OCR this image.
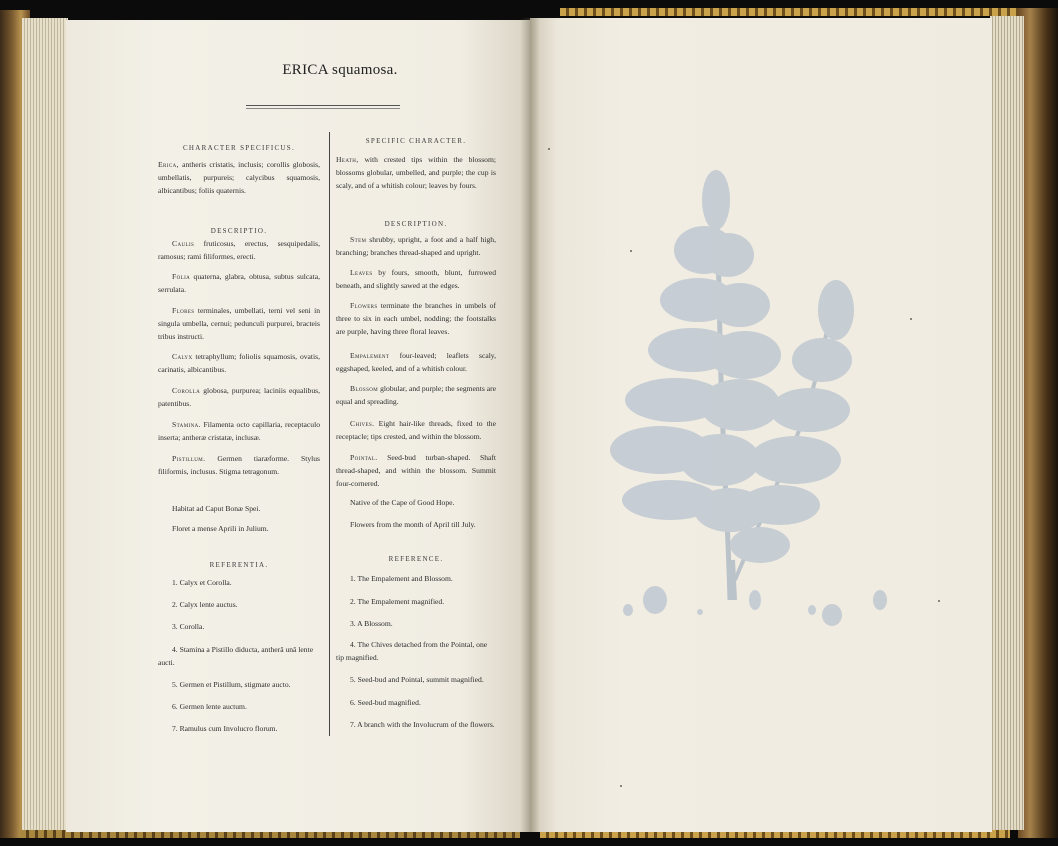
ERICA squamosa.
CHARACTER SPECIFICUS.
Erica, antheris cristatis, inclusis; corollis globosis, umbellatis, purpureis; calycibus squamosis, albicantibus; foliis quaternis.
DESCRIPTIO.
Caulis fruticosus, erectus, sesquipedalis, ramosus; rami filiformes, erecti.
Folia quaterna, glabra, obtusa, subtus sulcata, serrulata.
Flores terminales, umbellati, terni vel seni in singula umbella, cernui; pedunculi purpurei, bracteis tribus instructi.
Calyx tetraphyllum; foliolis squamosis, ovatis, carinatis, albicantibus.
Corolla globosa, purpurea; laciniis equalibus, patentibus.
Stamina. Filamenta octo capillaria, receptaculo inserta; antheræ cristatæ, inclusæ.
Pistillum. Germen tiaræforme. Stylus filiformis, inclusus. Stigma tetragonum.
Habitat ad Caput Bonæ Spei.
Floret a mense Aprili in Julium.
REFERENTIA.
1. Calyx et Corolla.
2. Calyx lente auctus.
3. Corolla.
4. Stamina a Pistillo diducta, antherâ unâ lente aucti.
5. Germen et Pistillum, stigmate aucto.
6. Germen lente auctum.
7. Ramulus cum Involucro florum.
SPECIFIC CHARACTER.
Heath, with crested tips within the blossom; blossoms globular, umbelled, and purple; the cup is scaly, and of a whitish colour; leaves by fours.
DESCRIPTION.
Stem shrubby, upright, a foot and a half high, branching; branches thread-shaped and upright.
Leaves by fours, smooth, blunt, furrowed beneath, and slightly sawed at the edges.
Flowers terminate the branches in umbels of three to six in each umbel, nodding; the footstalks are purple, having three floral leaves.
Empalement four-leaved; leaflets scaly, eggshaped, keeled, and of a whitish colour.
Blossom globular, and purple; the segments are equal and spreading.
Chives. Eight hair-like threads, fixed to the receptacle; tips crested, and within the blossom.
Pointal. Seed-bud turban-shaped. Shaft thread-shaped, and within the blossom. Summit four-cornered.
Native of the Cape of Good Hope.
Flowers from the month of April till July.
REFERENCE.
1. The Empalement and Blossom.
2. The Empalement magnified.
3. A Blossom.
4. The Chives detached from the Pointal, one tip magnified.
5. Seed-bud and Pointal, summit magnified.
6. Seed-bud magnified.
7. A branch with the Involucrum of the flowers.
